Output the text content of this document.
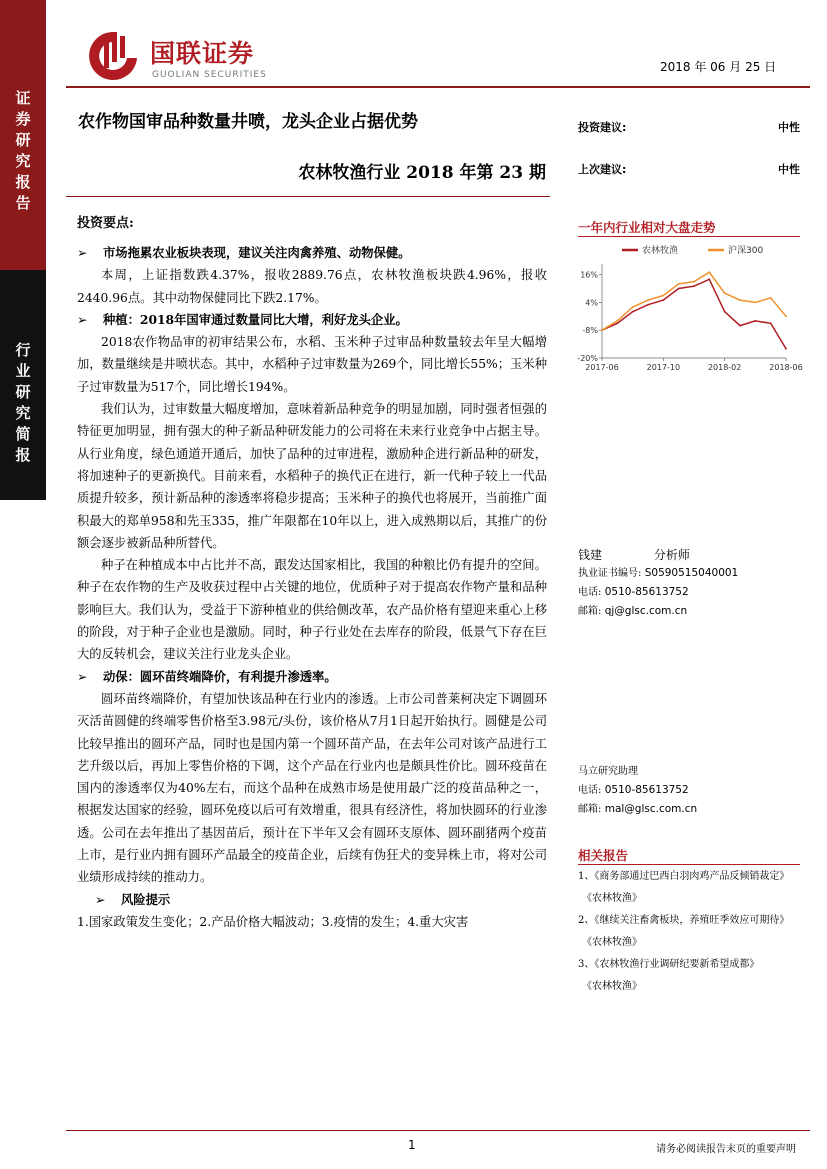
证券研究报告
行业研究简报
国联证券
GUOLIAN SECURITIES
2018 年 06 月 25 日
农作物国审品种数量井喷，龙头企业占据优势
农林牧渔行业 2018 年第 23 期
投资建议:	中性
上次建议:	中性
投资要点:

➢ 市场拖累农业板块表现，建议关注肉禽养殖、动物保健。

本周，上证指数跌4.37%，报收2889.76点，农林牧渔板块跌4.96%，报收2440.96点。其中动物保健同比下跌2.17%。

➢ 种植：2018年国审通过数量同比大增，利好龙头企业。

2018农作物品审的初审结果公布，水稻、玉米种子过审品种数量较去年呈大幅增加，数量继续是井喷状态。其中，水稻种子过审数量为269个，同比增长55%；玉米种子过审数量为517个，同比增长194%。

我们认为，过审数量大幅度增加，意味着新品种竞争的明显加剧，同时强者恒强的特征更加明显，拥有强大的种子新品种研发能力的公司将在未来行业竞争中占据主导。从行业角度，绿色通道开通后，加快了品种的过审进程，激励种企进行新品种的研发，将加速种子的更新换代。目前来看，水稻种子的换代正在进行，新一代种子较上一代品质提升较多，预计新品种的渗透率将稳步提高；玉米种子的换代也将展开，当前推广面积最大的郑单958和先玉335，推广年限都在10年以上，进入成熟期以后，其推广的份额会逐步被新品种所替代。

种子在种植成本中占比并不高，跟发达国家相比，我国的种粮比仍有提升的空间。种子在农作物的生产及收获过程中占关键的地位，优质种子对于提高农作物产量和品种影响巨大。我们认为，受益于下游种植业的供给侧改革，农产品价格有望迎来重心上移的阶段，对于种子企业也是激励。同时，种子行业处在去库存的阶段，低景气下存在巨大的反转机会，建议关注行业龙头企业。

➢ 动保：圆环苗终端降价，有利提升渗透率。

圆环苗终端降价，有望加快该品种在行业内的渗透。上市公司普莱柯决定下调圆环灭活苗圆健的终端零售价格至3.98元/头份，该价格从7月1日起开始执行。圆健是公司比较早推出的圆环产品，同时也是国内第一个圆环苗产品，在去年公司对该产品进行工艺升级以后，再加上零售价格的下调，这个产品在行业内也是颇具性价比。圆环疫苗在国内的渗透率仅为40%左右，而这个品种在成熟市场是使用最广泛的疫苗品种之一，根据发达国家的经验，圆环免疫以后可有效增重，很具有经济性，将加快圆环的行业渗透。公司在去年推出了基因苗后，预计在下半年又会有圆环支原体、圆环副猪两个疫苗上市，是行业内拥有圆环产品最全的疫苗企业，后续有伪狂犬的变异株上市，将对公司业绩形成持续的推动力。

➢ 风险提示

1.国家政策发生变化；2.产品价格大幅波动；3.疫情的发生；4.重大灾害

一年内行业相对大盘走势
农林牧渔	沪深300
16%
4%
-8%
-20%
2017-06	2017-10	2018-02	2018-06
钱建	分析师
执业证书编号: S0590515040001
电话: 0510-85613752
邮箱: qj@glsc.com.cn
马立研究助理
电话: 0510-85613752
邮箱: mal@glsc.com.cn
相关报告
1、《商务部通过巴西白羽肉鸡产品反倾销裁定》
《农林牧渔》
2、《继续关注畜禽板块，养殖旺季效应可期待》
《农林牧渔》
3、《农林牧渔行业调研纪要新希望成都》
《农林牧渔》
1	请务必阅读报告末页的重要声明
